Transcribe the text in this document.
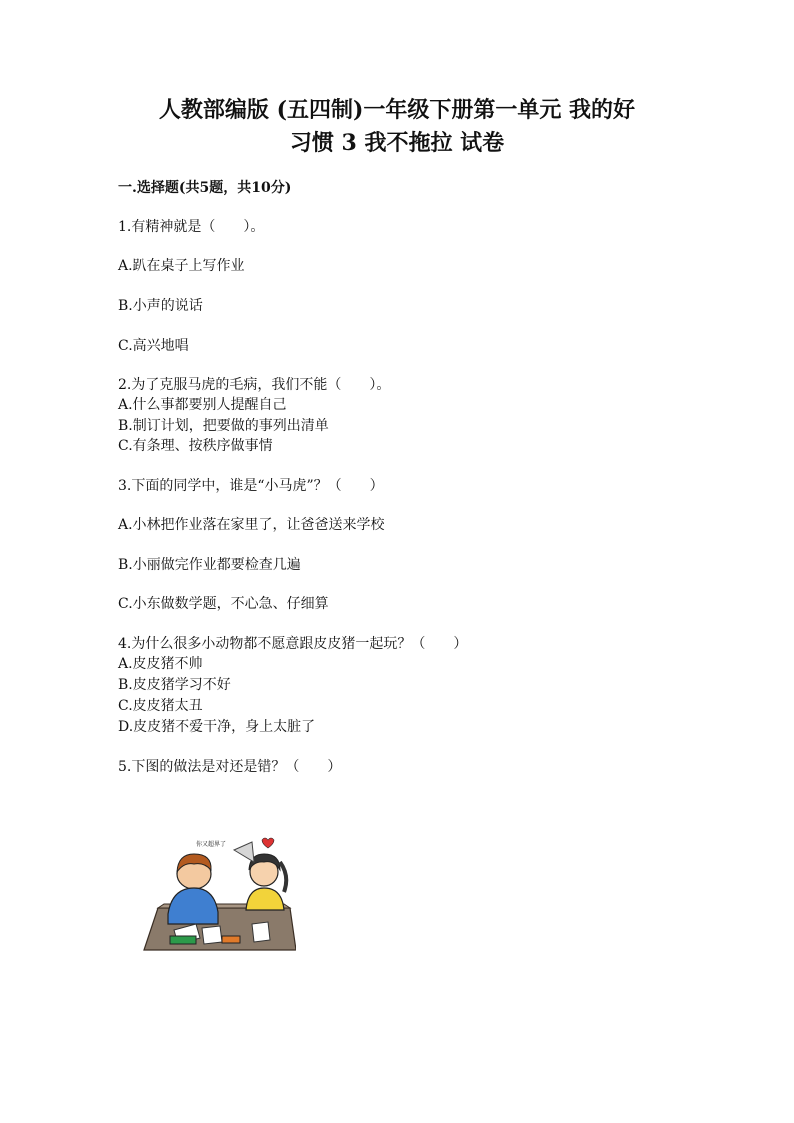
人教部编版 (五四制)一年级下册第一单元 我的好
习惯 3 我不拖拉 试卷
一.选择题(共5题，共10分)
1.有精神就是（　　）。
A.趴在桌子上写作业
B.小声的说话
C.高兴地唱
2.为了克服马虎的毛病，我们不能（　　）。
A.什么事都要别人提醒自己
B.制订计划，把要做的事列出清单
C.有条理、按秩序做事情
3.下面的同学中，谁是“小马虎”？（　　）
A.小林把作业落在家里了，让爸爸送来学校
B.小丽做完作业都要检查几遍
C.小东做数学题，不心急、仔细算
4.为什么很多小动物都不愿意跟皮皮猪一起玩？（　　）
A.皮皮猪不帅
B.皮皮猪学习不好
C.皮皮猪太丑
D.皮皮猪不爱干净，身上太脏了
5.下图的做法是对还是错？（　　）
你又超界了
